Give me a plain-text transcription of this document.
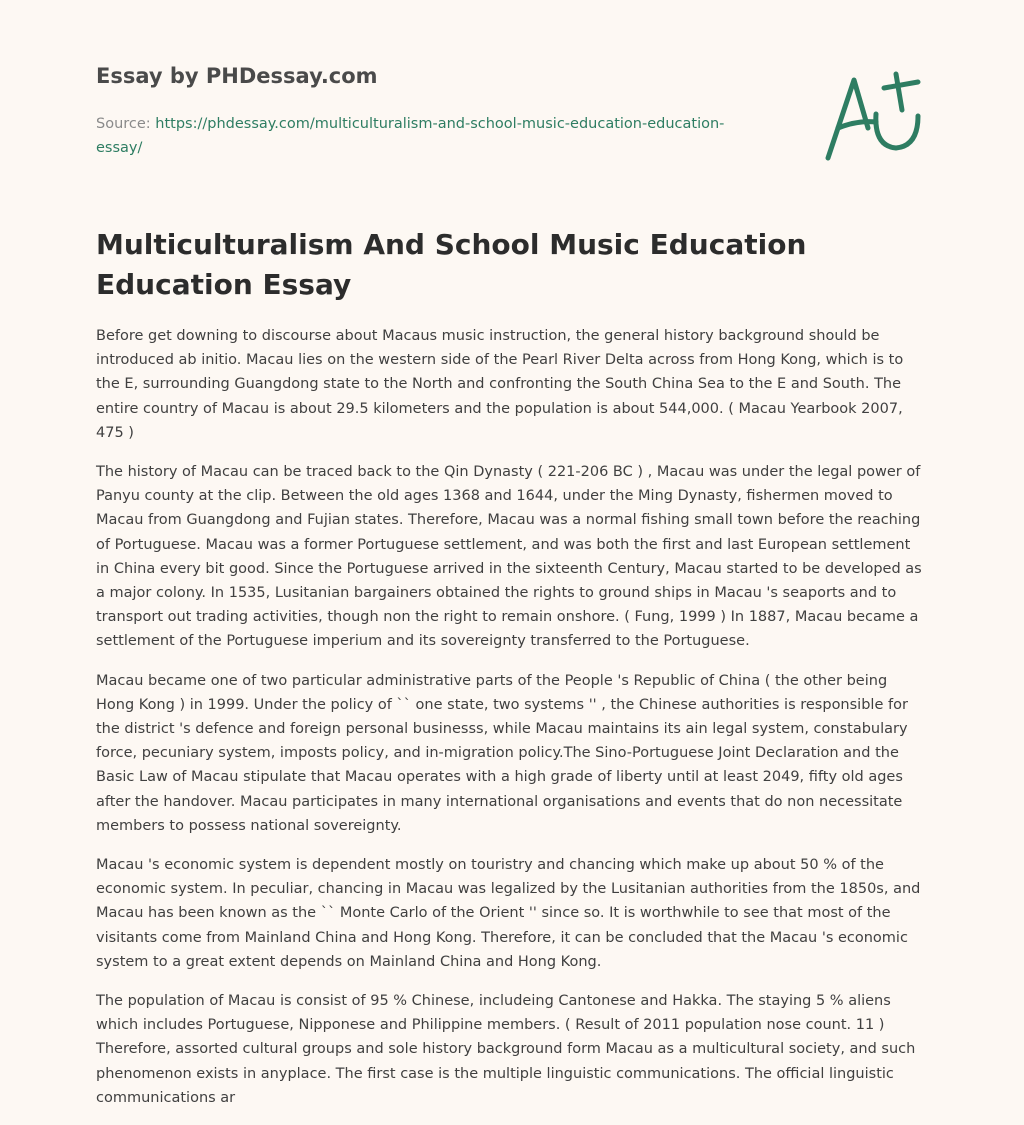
Essay by PHDessay.com
Source: https://phdessay.com/multiculturalism-and-school-music-education-education-essay/
Multiculturalism And School Music Education Education Essay

Before get downing to discourse about Macaus music instruction, the general history background should be introduced ab initio. Macau lies on the western side of the Pearl River Delta across from Hong Kong, which is to the E, surrounding Guangdong state to the North and confronting the South China Sea to the E and South. The entire country of Macau is about 29.5 kilometers and the population is about 544,000. ( Macau Yearbook 2007, 475 )

The history of Macau can be traced back to the Qin Dynasty ( 221-206 BC ) , Macau was under the legal power of Panyu county at the clip. Between the old ages 1368 and 1644, under the Ming Dynasty, fishermen moved to Macau from Guangdong and Fujian states. Therefore, Macau was a normal fishing small town before the reaching of Portuguese. Macau was a former Portuguese settlement, and was both the first and last European settlement in China every bit good. Since the Portuguese arrived in the sixteenth Century, Macau started to be developed as a major colony. In 1535, Lusitanian bargainers obtained the rights to ground ships in Macau 's seaports and to transport out trading activities, though non the right to remain onshore. ( Fung, 1999 ) In 1887, Macau became a settlement of the Portuguese imperium and its sovereignty transferred to the Portuguese.

Macau became one of two particular administrative parts of the People 's Republic of China ( the other being Hong Kong ) in 1999. Under the policy of `` one state, two systems '' , the Chinese authorities is responsible for the district 's defence and foreign personal businesss, while Macau maintains its ain legal system, constabulary force, pecuniary system, imposts policy, and in-migration policy.The Sino-Portuguese Joint Declaration and the Basic Law of Macau stipulate that Macau operates with a high grade of liberty until at least 2049, fifty old ages after the handover. Macau participates in many international organisations and events that do non necessitate members to possess national sovereignty.

Macau 's economic system is dependent mostly on touristry and chancing which make up about 50 % of the economic system. In peculiar, chancing in Macau was legalized by the Lusitanian authorities from the 1850s, and Macau has been known as the `` Monte Carlo of the Orient '' since so. It is worthwhile to see that most of the visitants come from Mainland China and Hong Kong. Therefore, it can be concluded that the Macau 's economic system to a great extent depends on Mainland China and Hong Kong.

The population of Macau is consist of 95 % Chinese, includeing Cantonese and Hakka. The staying 5 % aliens which includes Portuguese, Nipponese and Philippine members. ( Result of 2011 population nose count. 11 ) Therefore, assorted cultural groups and sole history background form Macau as a multicultural society, and such phenomenon exists in anyplace. The first case is the multiple linguistic communications. The official linguistic communications ar
